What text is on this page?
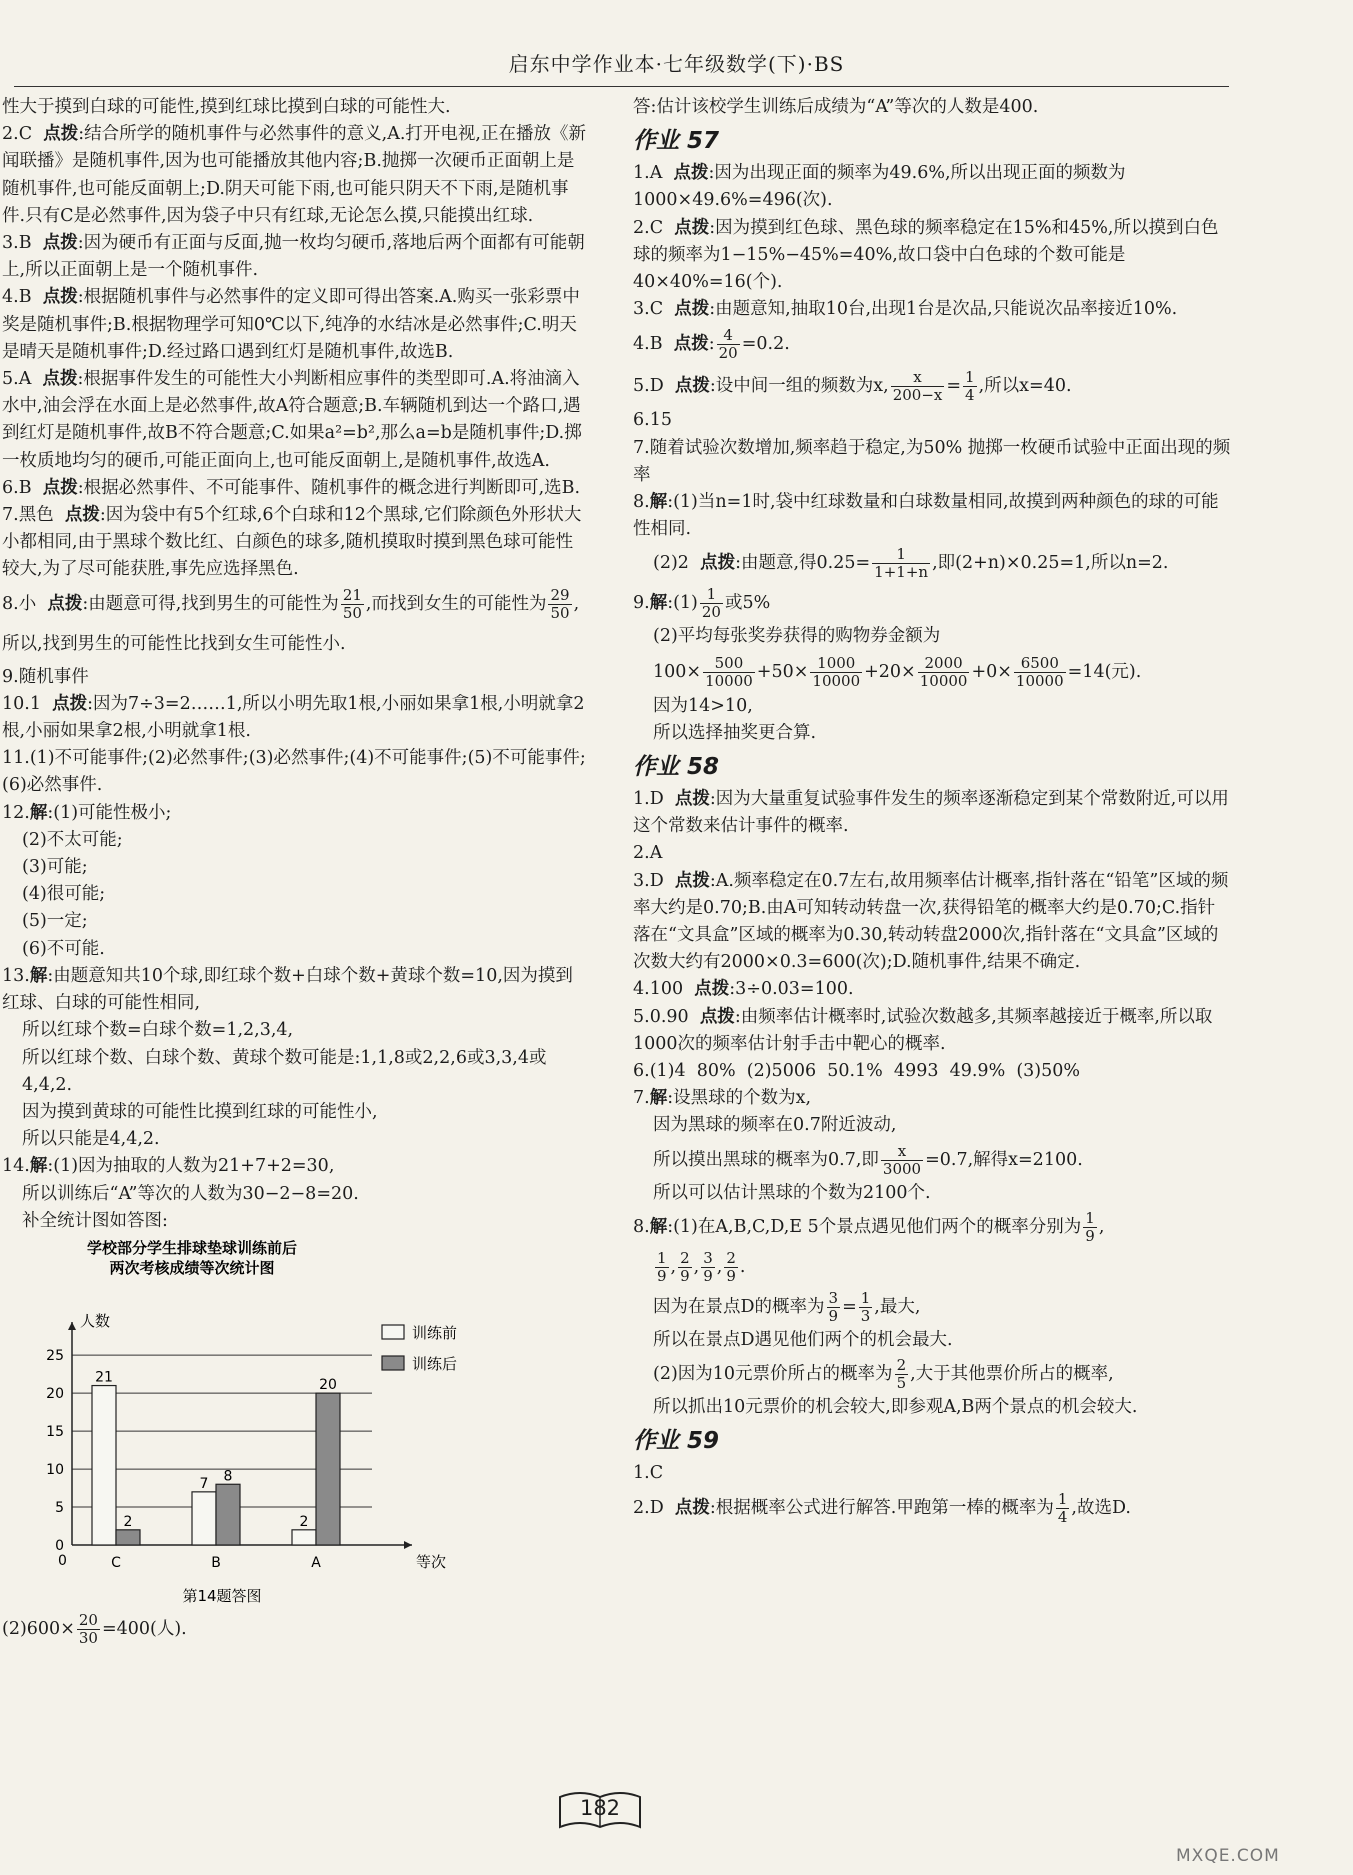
启东中学作业本·七年级数学(下)·BS

性大于摸到白球的可能性,摸到红球比摸到白球的可能性大.

2.C 点拨:结合所学的随机事件与必然事件的意义,A.打开电视,正在播放《新闻联播》是随机事件,因为也可能播放其他内容;B.抛掷一次硬币正面朝上是随机事件,也可能反面朝上;D.阴天可能下雨,也可能只阴天不下雨,是随机事件.只有C是必然事件,因为袋子中只有红球,无论怎么摸,只能摸出红球.

3.B 点拨:因为硬币有正面与反面,抛一枚均匀硬币,落地后两个面都有可能朝上,所以正面朝上是一个随机事件.

4.B 点拨:根据随机事件与必然事件的定义即可得出答案.A.购买一张彩票中奖是随机事件;B.根据物理学可知0℃以下,纯净的水结冰是必然事件;C.明天是晴天是随机事件;D.经过路口遇到红灯是随机事件,故选B.

5.A 点拨:根据事件发生的可能性大小判断相应事件的类型即可.A.将油滴入水中,油会浮在水面上是必然事件,故A符合题意;B.车辆随机到达一个路口,遇到红灯是随机事件,故B不符合题意;C.如果a²=b²,那么a=b是随机事件;D.掷一枚质地均匀的硬币,可能正面向上,也可能反面朝上,是随机事件,故选A.

6.B 点拨:根据必然事件、不可能事件、随机事件的概念进行判断即可,选B.

7.黑色 点拨:因为袋中有5个红球,6个白球和12个黑球,它们除颜色外形状大小都相同,由于黑球个数比红、白颜色的球多,随机摸取时摸到黑色球可能性较大,为了尽可能获胜,事先应选择黑色.

8.小 点拨:由题意可得,找到男生的可能性为 $\frac{21}{50}$ ,而找到女生的可能性为 $\frac{29}{50}$ ,所以,找到男生的可能性比找到女生可能性小.

9.随机事件

10.1 点拨:因为7÷3=2……1,所以小明先取1根,小丽如果拿1根,小明就拿2根,小丽如果拿2根,小明就拿1根.

11.(1)不可能事件;(2)必然事件;(3)必然事件;(4)不可能事件;(5)不可能事件;(6)必然事件.

12.解:(1)可能性极小;

(2)不太可能;

(3)可能;

(4)很可能;

(5)一定;

(6)不可能.

13.解:由题意知共10个球,即红球个数+白球个数+黄球个数=10,因为摸到红球、白球的可能性相同,

所以红球个数=白球个数=1,2,3,4,

所以红球个数、白球个数、黄球个数可能是:1,1,8或2,2,6或3,3,4或4,4,2.

因为摸到黄球的可能性比摸到红球的可能性小,

所以只能是4,4,2.

14.解:(1)因为抽取的人数为21+7+2=30,

所以训练后“A”等次的人数为30−2−8=20.

补全统计图如答图:

学校部分学生排球垫球训练前后
两次考核成绩等次统计图
0
5
10
15
20
25
人数
等次
0
21
2
C
7 8
B
2
20
A
训练前
训练后
第14题答图

$(2)600\times \frac{20}{30} =400$(人).

答:估计该校学生训练后成绩为“A”等次的人数是400.

作业 57

1.A 点拨:因为出现正面的频率为49.6%,所以出现正面的频数为1000×49.6%=496(次).

2.C 点拨:因为摸到红色球、黑色球的频率稳定在15%和45%,所以摸到白色球的频率为1−15%−45%=40%,故口袋中白色球的个数可能是40×40%=16(个).

3.C 点拨:由题意知,抽取10台,出现1台是次品,只能说次品率接近10%.

4.B 点拨: $\frac{4}{20} =0.2$.

5.D 点拨:设中间一组的频数为x, $\frac{x}{200-x} = \frac{1}{4}$ ,所以x=40.

6.15

7.随着试验次数增加,频率趋于稳定,为50% 抛掷一枚硬币试验中正面出现的频率

8.解:(1)当n=1时,袋中红球数量和白球数量相同,故摸到两种颜色的球的可能性相同.

(2)2 点拨:由题意,得$0.25= \frac{1}{1+1+n}$ ,即(2+n)×0.25=1,所以n=2.

9.解:(1) $\frac{1}{20}$ 或5%

(2)平均每张奖券获得的购物券金额为

$100\times \frac{500}{10000} +50\times \frac{1000}{10000} +20\times \frac{2000}{10000} +0\times \frac{6500}{10000} =14$(元).

因为14>10,

所以选择抽奖更合算.

作业 58

1.D 点拨:因为大量重复试验事件发生的频率逐渐稳定到某个常数附近,可以用这个常数来估计事件的概率.

2.A

3.D 点拨:A.频率稳定在0.7左右,故用频率估计概率,指针落在“铅笔”区域的频率大约是0.70;B.由A可知转动转盘一次,获得铅笔的概率大约是0.70;C.指针落在“文具盒”区域的概率为0.30,转动转盘2000次,指针落在“文具盒”区域的次数大约有2000×0.3=600(次);D.随机事件,结果不确定.

4.100 点拨:3÷0.03=100.

5.0.90 点拨:由频率估计概率时,试验次数越多,其频率越接近于概率,所以取1000次的频率估计射手击中靶心的概率.

6.(1)4  80%  (2)5006  50.1%  4993  49.9%  (3)50%

7.解:设黑球的个数为x,

因为黑球的频率在0.7附近波动,

所以摸出黑球的概率为0.7,即 $\frac{x}{3000} =0.7$,解得x=2100.

所以可以估计黑球的个数为2100个.

8.解:(1)在A,B,C,D,E 5个景点遇见他们两个的概率分别为 $\frac{1}{9}$ ,

$\frac{1}{9}$ , $\frac{2}{9}$ , $\frac{3}{9}$ , $\frac{2}{9}$ .

因为在景点D的概率为 $\frac{3}{9} = \frac{1}{3}$ ,最大,

所以在景点D遇见他们两个的机会最大.

(2)因为10元票价所占的概率为 $\frac{2}{5}$ ,大于其他票价所占的概率,

所以抓出10元票价的机会较大,即参观A,B两个景点的机会较大.

作业 59

1.C

2.D 点拨:根据概率公式进行解答.甲跑第一棒的概率为 $\frac{1}{4}$ ,故选D.

182
MXQE.COM
